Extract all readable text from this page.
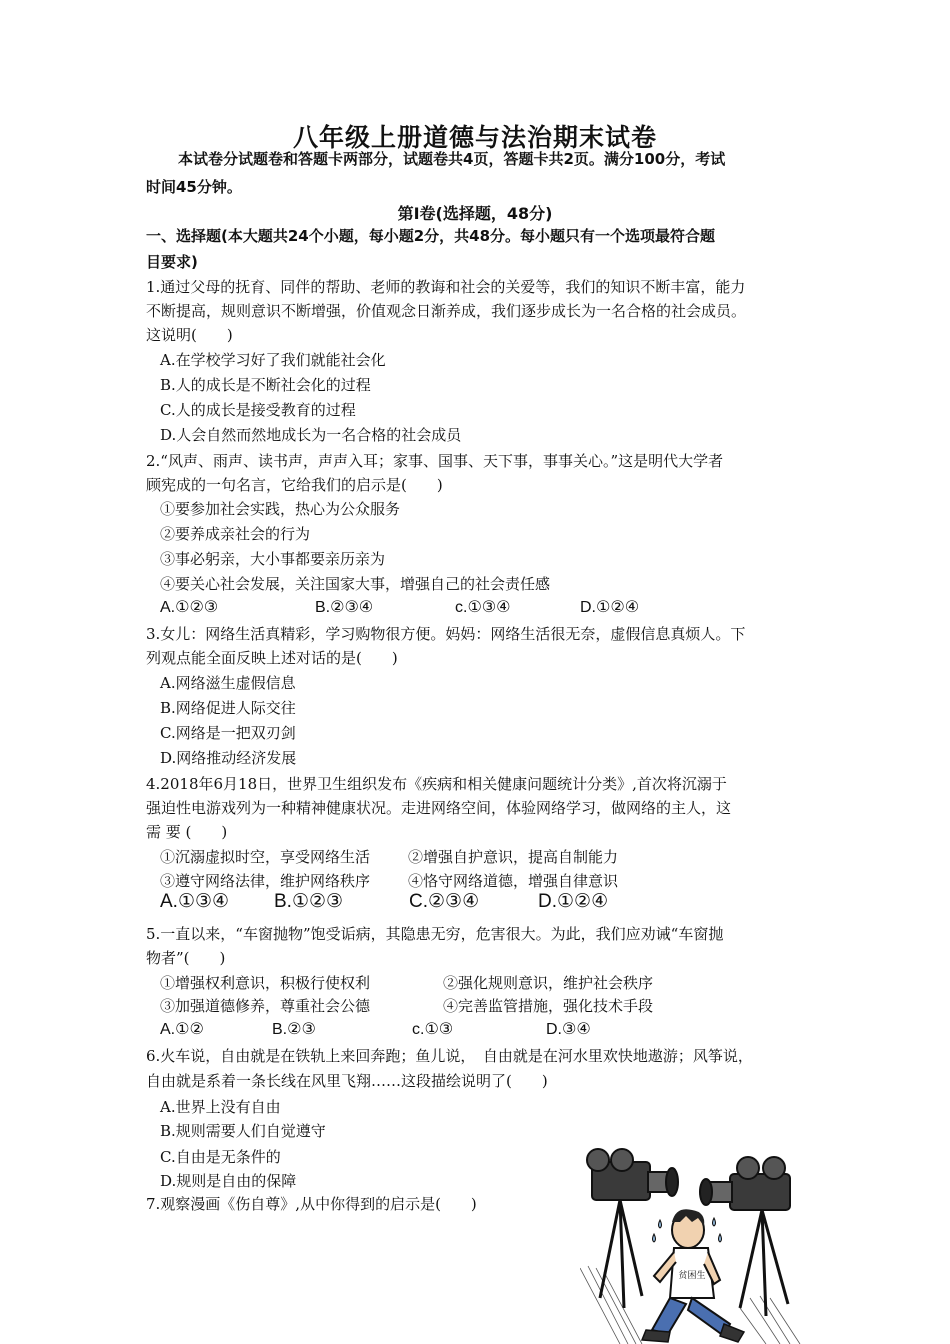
八年级上册道德与法治期末试卷
本试卷分试题卷和答题卡两部分，试题卷共4页，答题卡共2页。满分100分，考试
时间45分钟。
第Ⅰ卷(选择题，48分)
一、选择题(本大题共24个小题，每小题2分，共48分。每小题只有一个选项最符合题
目要求)
1.通过父母的抚育、同伴的帮助、老师的教诲和社会的关爱等，我们的知识不断丰富，能力
不断提高，规则意识不断增强，价值观念日渐养成，我们逐步成长为一名合格的社会成员。
这说明(　　)
A.在学校学习好了我们就能社会化
B.人的成长是不断社会化的过程
C.人的成长是接受教育的过程
D.人会自然而然地成长为一名合格的社会成员
2.“风声、雨声、读书声，声声入耳；家事、国事、天下事，事事关心。”这是明代大学者
顾宪成的一句名言，它给我们的启示是(　　)
①要参加社会实践，热心为公众服务
②要养成亲社会的行为
③事必躬亲，大小事都要亲历亲为
④要关心社会发展，关注国家大事，增强自己的社会责任感
A.①②③	B.②③④	c.①③④	D.①②④
3.女儿：网络生活真精彩，学习购物很方便。妈妈：网络生活很无奈，虚假信息真烦人。下
列观点能全面反映上述对话的是(　　)
A.网络滋生虚假信息
B.网络促进人际交往
C.网络是一把双刃剑
D.网络推动经济发展
4.2018年6月18日，世界卫生组织发布《疾病和相关健康问题统计分类》,首次将沉溺于
强迫性电游戏列为一种精神健康状况。走进网络空间，体验网络学习，做网络的主人，这
需 要 (　　)
①沉溺虚拟时空，享受网络生活	②增强自护意识，提高自制能力
③遵守网络法律，维护网络秩序	④恪守网络道德，增强自律意识
A.①③④ B.①②③	C.②③④	D.①②④
5.一直以来，“车窗抛物”饱受诟病，其隐患无穷，危害很大。为此，我们应劝诫“车窗抛
物者”(　　)
①增强权利意识，积极行使权利	②强化规则意识，维护社会秩序
③加强道德修养，尊重社会公德	④完善监管措施，强化技术手段
A.①②	B.②③	c.①③	D.③④
6.火车说，自由就是在铁轨上来回奔跑；鱼儿说，　自由就是在河水里欢快地遨游；风筝说，
自由就是系着一条长线在风里飞翔……这段描绘说明了(　　)
A.世界上没有自由
B.规则需要人们自觉遵守
C.自由是无条件的
D.规则是自由的保障
7.观察漫画《伤自尊》,从中你得到的启示是(　　)
贫困生
